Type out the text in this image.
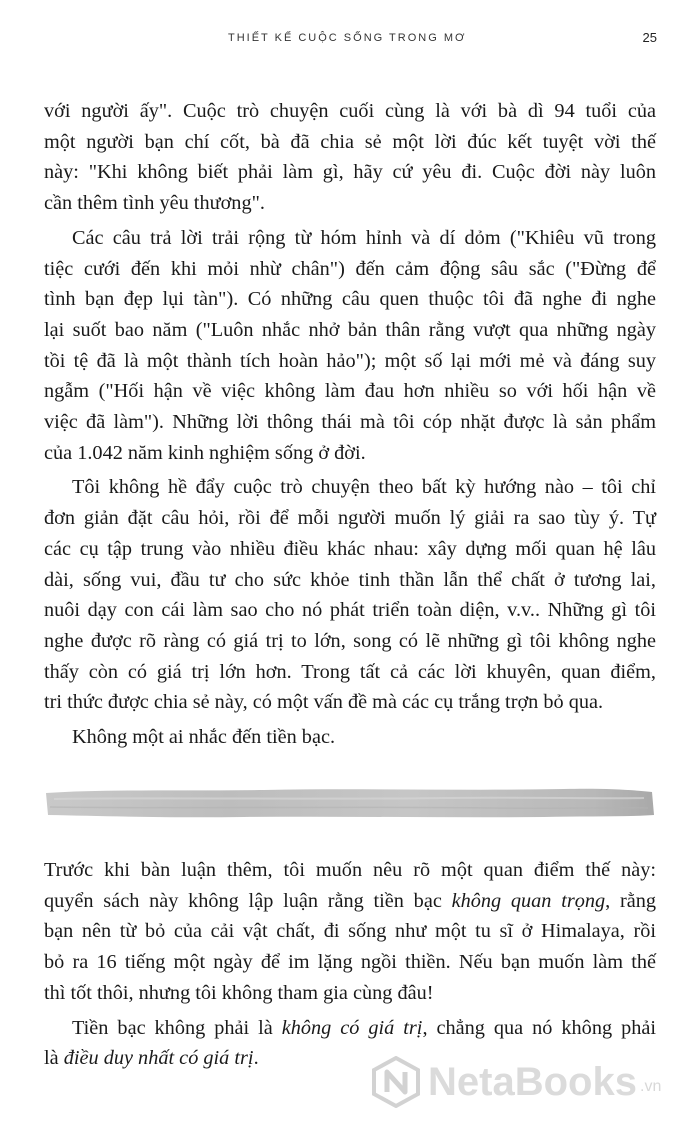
THIẾT KẾ CUỘC SỐNG TRONG MƠ	25

với người ấy". Cuộc trò chuyện cuối cùng là với bà dì 94 tuổi của
một người bạn chí cốt, bà đã chia sẻ một lời đúc kết tuyệt vời thế
này: "Khi không biết phải làm gì, hãy cứ yêu đi. Cuộc đời này luôn
cần thêm tình yêu thương".

Các câu trả lời trải rộng từ hóm hỉnh và dí dỏm ("Khiêu vũ trong
tiệc cưới đến khi mỏi nhừ chân") đến cảm động sâu sắc ("Đừng để
tình bạn đẹp lụi tàn"). Có những câu quen thuộc tôi đã nghe đi nghe
lại suốt bao năm ("Luôn nhắc nhở bản thân rằng vượt qua những ngày
tồi tệ đã là một thành tích hoàn hảo"); một số lại mới mẻ và đáng suy
ngẫm ("Hối hận về việc không làm đau hơn nhiều so với hối hận về
việc đã làm"). Những lời thông thái mà tôi cóp nhặt được là sản phẩm
của 1.042 năm kinh nghiệm sống ở đời.

Tôi không hề đẩy cuộc trò chuyện theo bất kỳ hướng nào – tôi chỉ
đơn giản đặt câu hỏi, rồi để mỗi người muốn lý giải ra sao tùy ý. Tự
các cụ tập trung vào nhiều điều khác nhau: xây dựng mối quan hệ lâu
dài, sống vui, đầu tư cho sức khỏe tinh thần lẫn thể chất ở tương lai,
nuôi dạy con cái làm sao cho nó phát triển toàn diện, v.v.. Những gì tôi
nghe được rõ ràng có giá trị to lớn, song có lẽ những gì tôi không nghe
thấy còn có giá trị lớn hơn. Trong tất cả các lời khuyên, quan điểm,
tri thức được chia sẻ này, có một vấn đề mà các cụ trắng trợn bỏ qua.

Không một ai nhắc đến tiền bạc.

Trước khi bàn luận thêm, tôi muốn nêu rõ một quan điểm thế này:
quyển sách này không lập luận rằng tiền bạc không quan trọng, rằng
bạn nên từ bỏ của cải vật chất, đi sống như một tu sĩ ở Himalaya, rồi
bỏ ra 16 tiếng một ngày để im lặng ngồi thiền. Nếu bạn muốn làm thế
thì tốt thôi, nhưng tôi không tham gia cùng đâu!

Tiền bạc không phải là không có giá trị, chẳng qua nó không phải
là điều duy nhất có giá trị.

NetaBooks .vn
